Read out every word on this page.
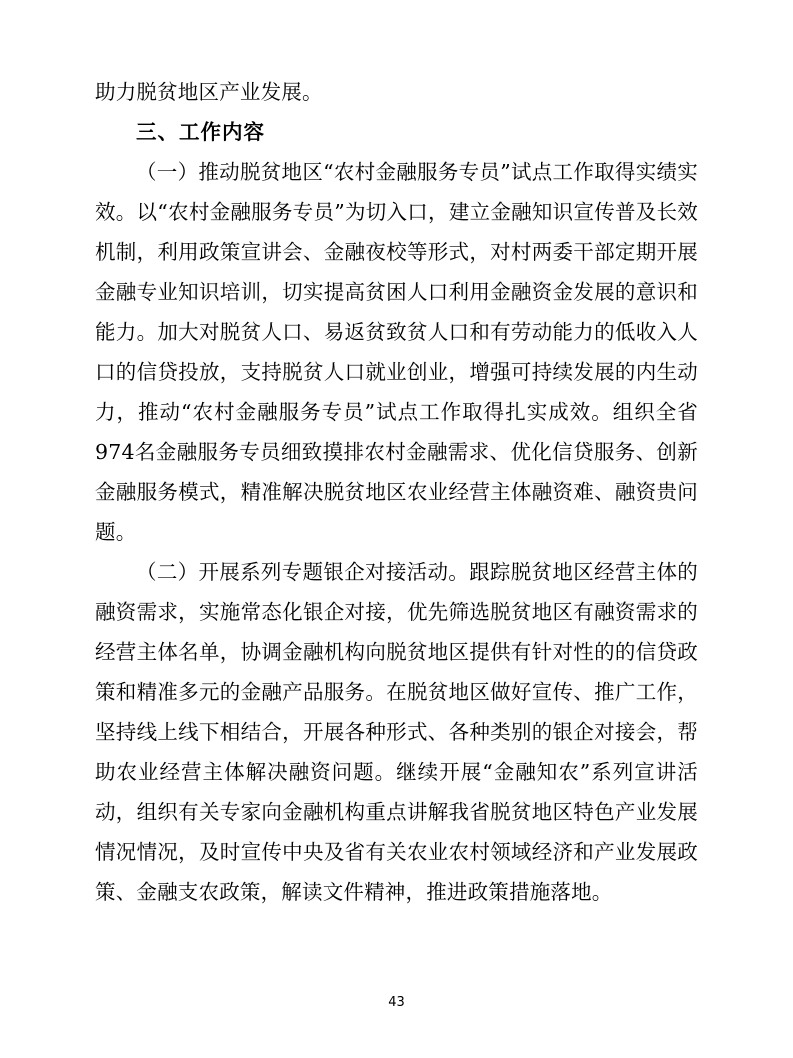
助力脱贫地区产业发展。

三、工作内容

（一）推动脱贫地区“农村金融服务专员”试点工作取得实绩实效。以“农村金融服务专员”为切入口，建立金融知识宣传普及长效机制，利用政策宣讲会、金融夜校等形式，对村两委干部定期开展金融专业知识培训，切实提高贫困人口利用金融资金发展的意识和能力。加大对脱贫人口、易返贫致贫人口和有劳动能力的低收入人口的信贷投放，支持脱贫人口就业创业，增强可持续发展的内生动力，推动“农村金融服务专员”试点工作取得扎实成效。组织全省974名金融服务专员细致摸排农村金融需求、优化信贷服务、创新金融服务模式，精准解决脱贫地区农业经营主体融资难、融资贵问题。

（二）开展系列专题银企对接活动。跟踪脱贫地区经营主体的融资需求，实施常态化银企对接，优先筛选脱贫地区有融资需求的经营主体名单，协调金融机构向脱贫地区提供有针对性的的信贷政策和精准多元的金融产品服务。在脱贫地区做好宣传、推广工作，坚持线上线下相结合，开展各种形式、各种类别的银企对接会，帮助农业经营主体解决融资问题。继续开展“金融知农”系列宣讲活动，组织有关专家向金融机构重点讲解我省脱贫地区特色产业发展情况情况，及时宣传中央及省有关农业农村领域经济和产业发展政策、金融支农政策，解读文件精神，推进政策措施落地。

43
